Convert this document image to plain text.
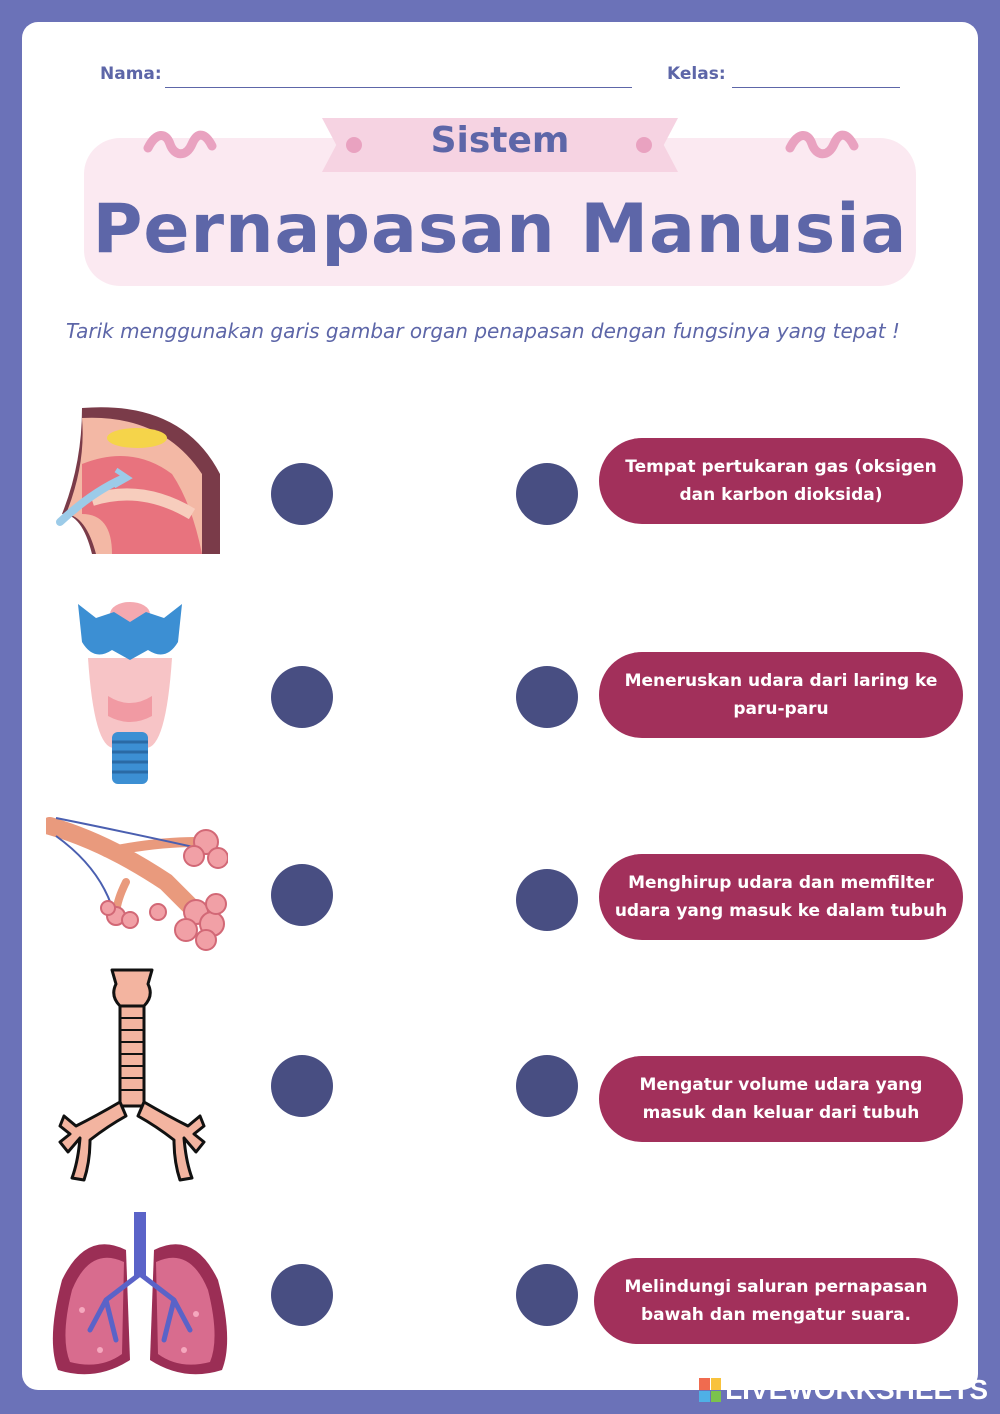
Nama:	Kelas:
Sistem
Pernapasan Manusia
Tarik menggunakan garis gambar organ penapasan dengan fungsinya yang tepat !
Tempat pertukaran gas (oksigen dan karbon dioksida)
Meneruskan udara dari laring ke paru-paru
Menghirup udara dan memfilter udara yang masuk ke dalam tubuh
Mengatur volume udara yang masuk dan keluar dari tubuh
Melindungi saluran pernapasan bawah dan mengatur suara.
LIVEWORKSHEETS
